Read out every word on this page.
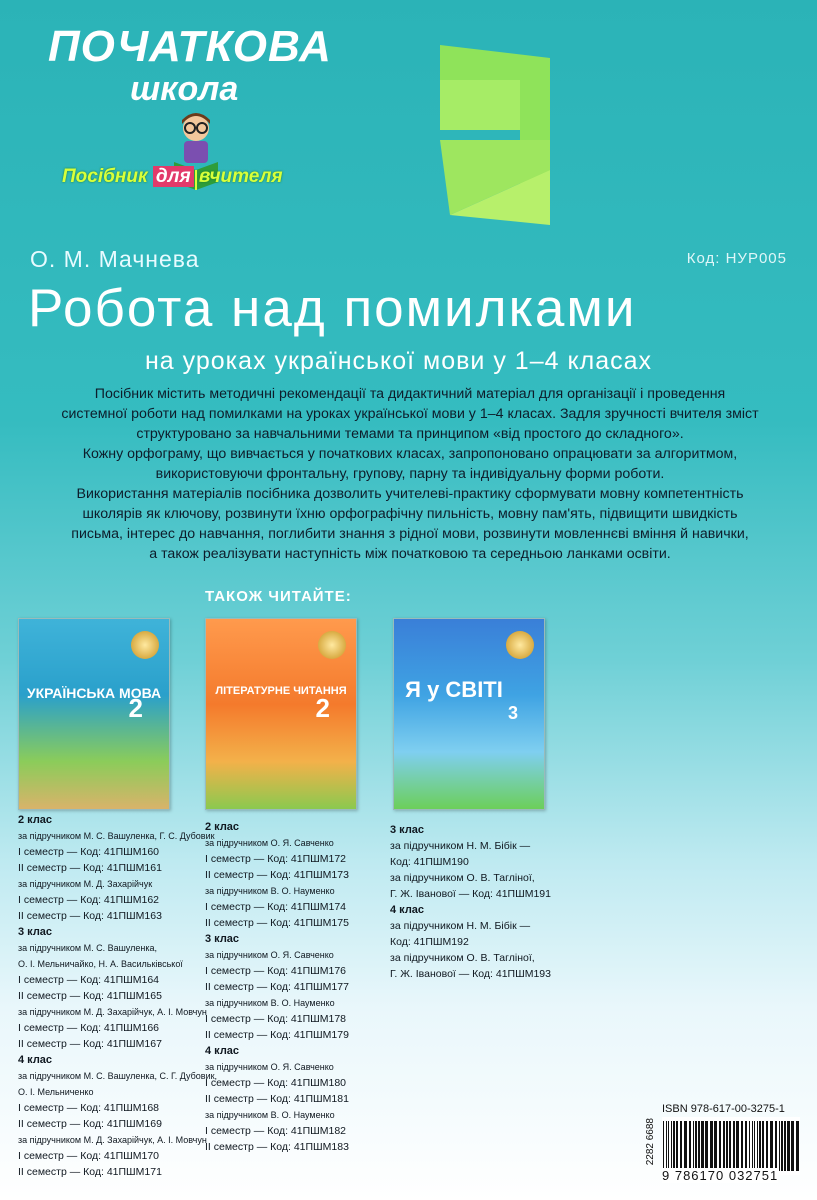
ПОЧАТКОВА
школа
Посібник для вчителя
О. М. Мачнева	Код: НУР005
Робота над помилками
на уроках української мови у 1–4 класах

Посібник містить методичні рекомендації та дидактичний матеріал для організації і проведення

системної роботи над помилками на уроках української мови у 1–4 класах. Задля зручності вчителя зміст

структуровано за навчальними темами та принципом «від простого до складного».

Кожну орфограму, що вивчається у початкових класах, запропоновано опрацювати за алгоритмом,

використовуючи фронтальну, групову, парну та індивідуальну форми роботи.

Використання матеріалів посібника дозволить учителеві-практику сформувати мовну компетентність

школярів як ключову, розвинути їхню орфографічну пильність, мовну пам'ять, підвищити швидкість

письма, інтерес до навчання, поглибити знання з рідної мови, розвинути мовленнєві вміння й навички,

а також реалізувати наступність між початковою та середньою ланками освіти.

ТАКОЖ ЧИТАЙТЕ:
УКРАЇНСЬКА МОВА
2
ЛІТЕРАТУРНЕ ЧИТАННЯ
2
Я у СВІТІ
3
2 клас
за підручником М. С. Вашуленка, Г. С. Дубовик
І семестр — Код: 41ПШМ160
ІІ семестр — Код: 41ПШМ161
за підручником М. Д. Захарійчук
І семестр — Код: 41ПШМ162
ІІ семестр — Код: 41ПШМ163
3 клас
за підручником М. С. Вашуленка,
О. І. Мельничайко, Н. А. Васильківської
І семестр — Код: 41ПШМ164
ІІ семестр — Код: 41ПШМ165
за підручником М. Д. Захарійчук, А. І. Мовчун
І семестр — Код: 41ПШМ166
ІІ семестр — Код: 41ПШМ167
4 клас
за підручником М. С. Вашуленка, С. Г. Дубовик,
О. І. Мельниченко
І семестр — Код: 41ПШМ168
ІІ семестр — Код: 41ПШМ169
за підручником М. Д. Захарійчук, А. І. Мовчун
І семестр — Код: 41ПШМ170
ІІ семестр — Код: 41ПШМ171
2 клас
за підручником О. Я. Савченко
І семестр — Код: 41ПШМ172
ІІ семестр — Код: 41ПШМ173
за підручником В. О. Науменко
І семестр — Код: 41ПШМ174
ІІ семестр — Код: 41ПШМ175
3 клас
за підручником О. Я. Савченко
І семестр — Код: 41ПШМ176
ІІ семестр — Код: 41ПШМ177
за підручником В. О. Науменко
І семестр — Код: 41ПШМ178
ІІ семестр — Код: 41ПШМ179
4 клас
за підручником О. Я. Савченко
І семестр — Код: 41ПШМ180
ІІ семестр — Код: 41ПШМ181
за підручником В. О. Науменко
І семестр — Код: 41ПШМ182
ІІ семестр — Код: 41ПШМ183
3 клас
за підручником Н. М. Бібік —
Код: 41ПШМ190
за підручником О. В. Тагліної,
Г. Ж. Іванової — Код: 41ПШМ191
4 клас
за підручником Н. М. Бібік —
Код: 41ПШМ192
за підручником О. В. Тагліної,
Г. Ж. Іванової — Код: 41ПШМ193
ISBN 978-617-00-3275-1
9 786170 032751
2282 6688
